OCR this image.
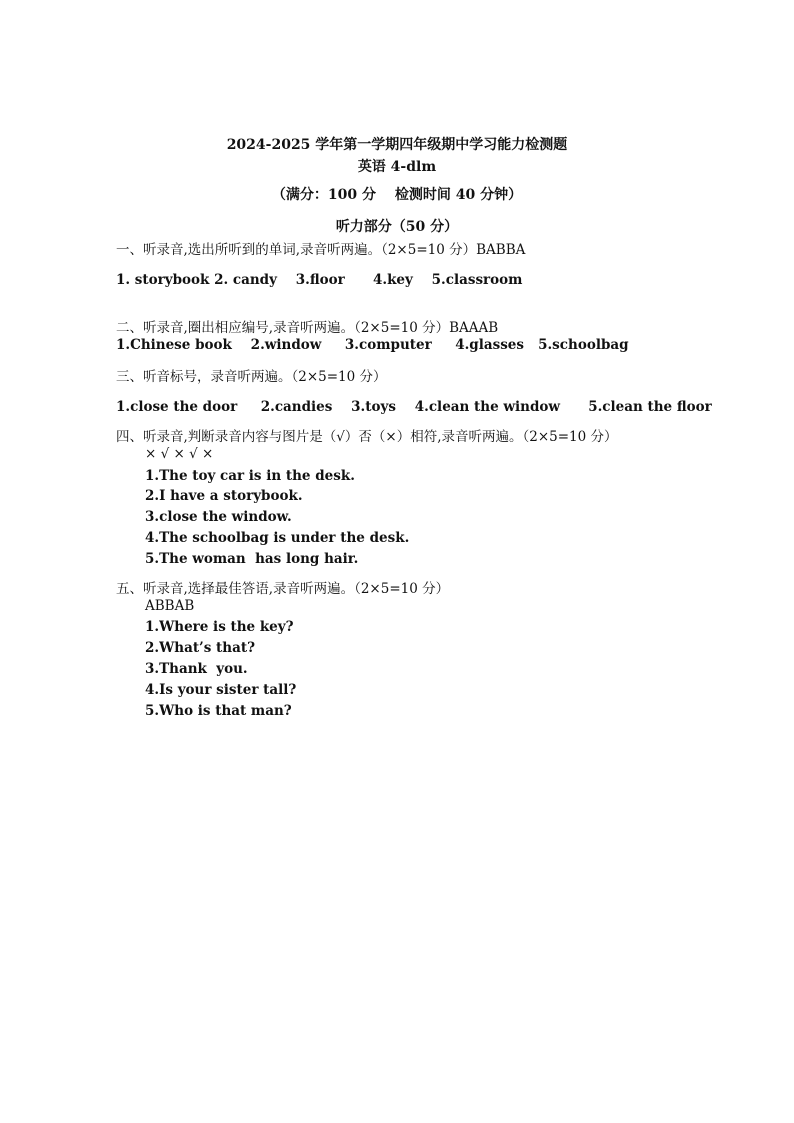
2024-2025 学年第一学期四年级期中学习能力检测题
英语 4-dlm
（满分：100 分　 检测时间 40 分钟）
听力部分（50 分）
一、听录音,选出所听到的单词,录音听两遍。（2×5=10 分）BABBA
1. storybook 2. candy    3.floor      4.key    5.classroom
二、听录音,圈出相应编号,录音听两遍。（2×5=10 分）BAAAB
1.Chinese book    2.window     3.computer     4.glasses   5.schoolbag
三、听音标号，录音听两遍。（2×5=10 分）
1.close the door     2.candies    3.toys    4.clean the window      5.clean the floor
四、听录音,判断录音内容与图片是（√）否（×）相符,录音听两遍。（2×5=10 分）
× √ × √ ×
1.The toy car is in the desk.
2.I have a storybook.
3.close the window.
4.The schoolbag is under the desk.
5.The woman  has long hair.
五、听录音,选择最佳答语,录音听两遍。（2×5=10 分）
ABBAB
1.Where is the key?
2.What’s that?
3.Thank  you.
4.Is your sister tall?
5.Who is that man?
